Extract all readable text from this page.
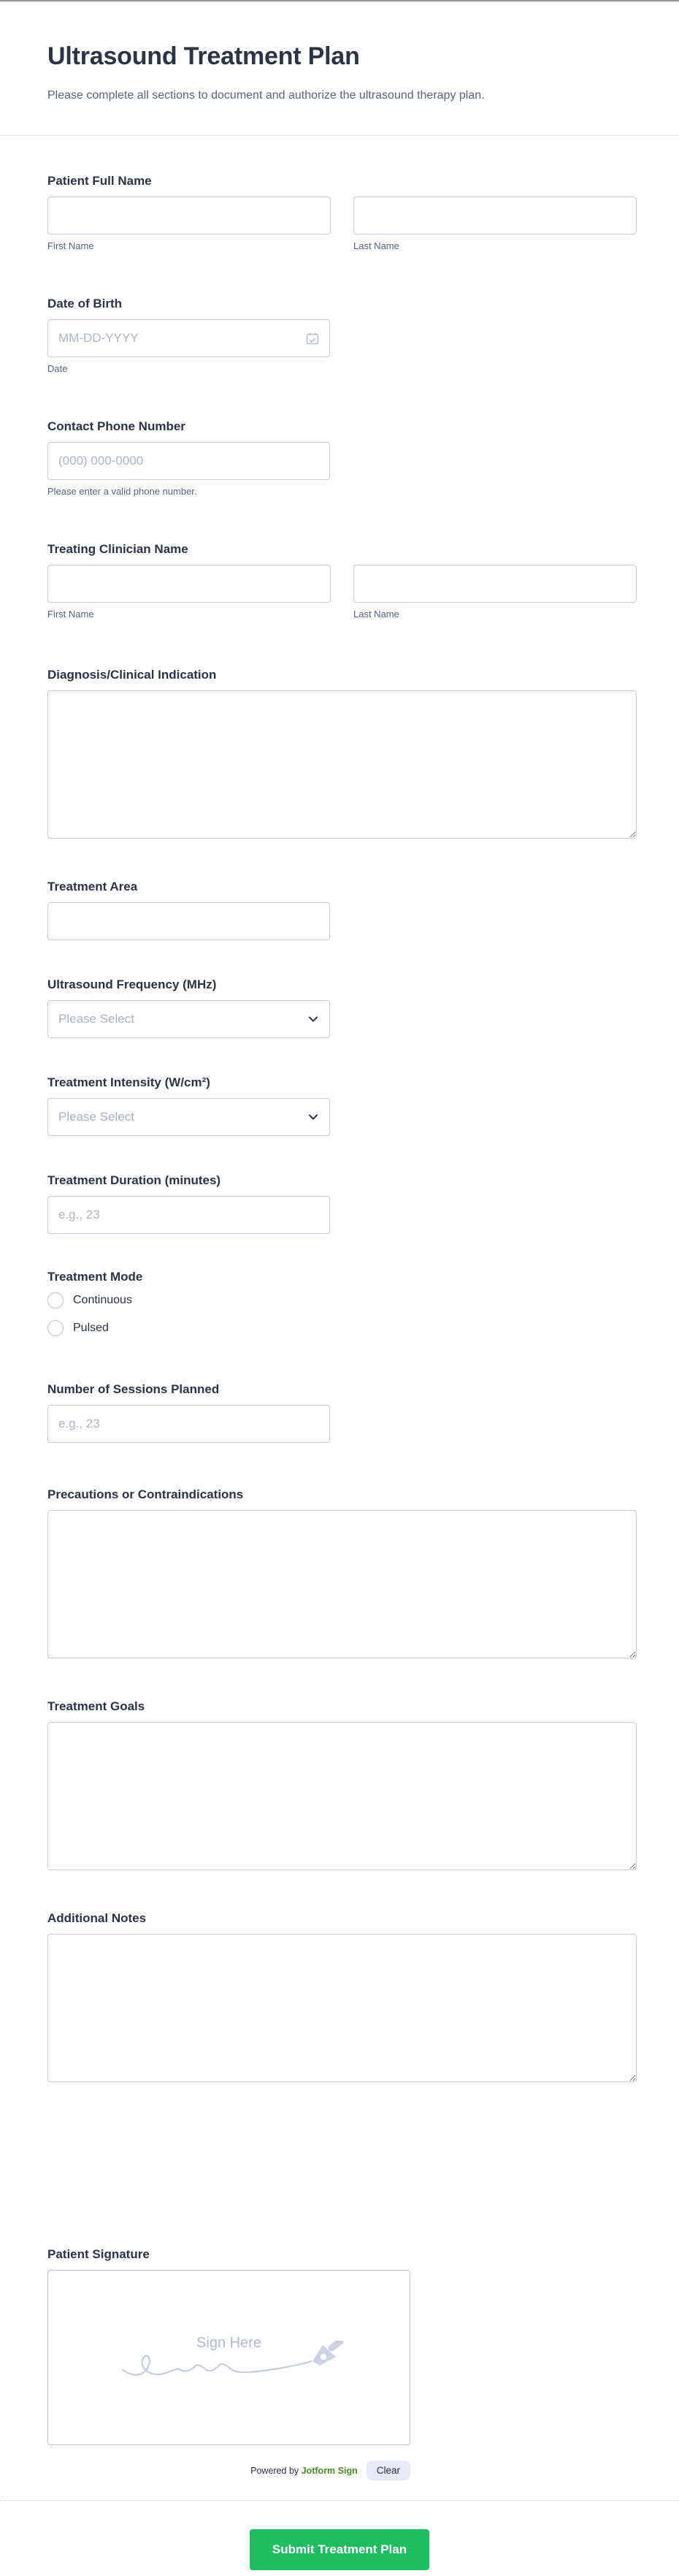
Ultrasound Treatment Plan
Please complete all sections to document and authorize the ultrasound therapy plan.
Patient Full Name
First Name	Last Name
Date of Birth
MM-DD-YYYY
Date
Contact Phone Number
(000) 000-0000
Please enter a valid phone number.
Treating Clinician Name
First Name	Last Name
Diagnosis/Clinical Indication
Treatment Area
Ultrasound Frequency (MHz)
Please Select
Treatment Intensity (W/cm²)
Please Select
Treatment Duration (minutes)
e.g., 23
Treatment Mode
Continuous
Pulsed
Number of Sessions Planned
e.g., 23
Precautions or Contraindications
Treatment Goals
Additional Notes
Patient Signature
Sign Here
Powered by Jotform Sign	Clear
Submit Treatment Plan
